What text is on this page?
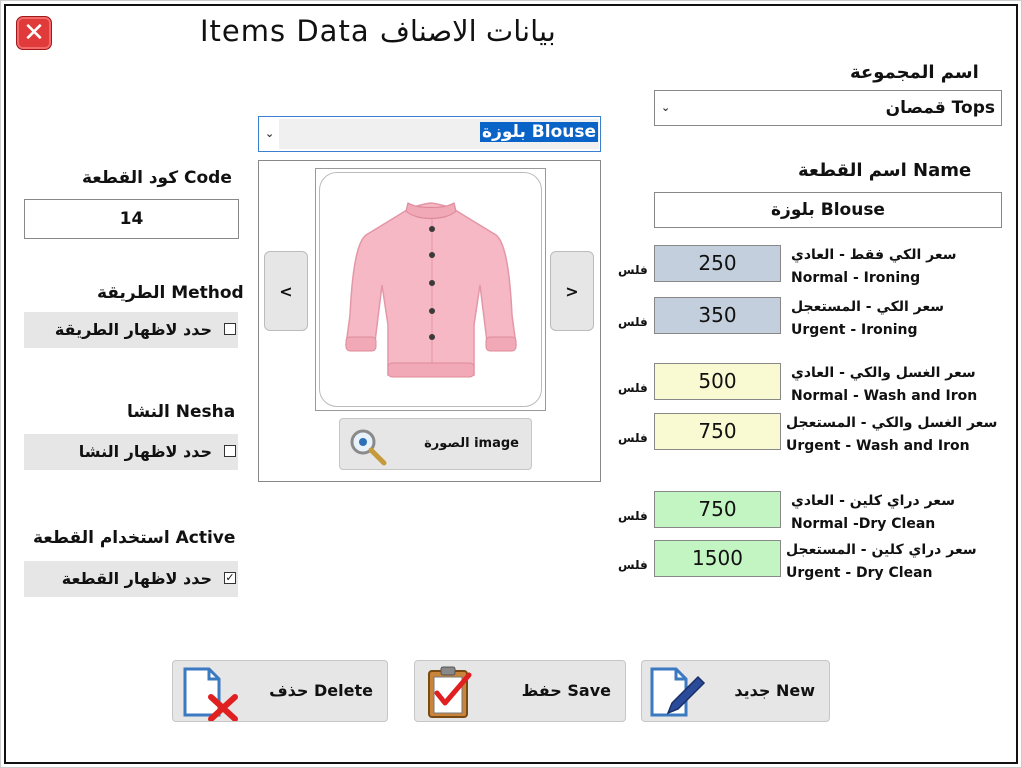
✕	Items Data بيانات الاصناف
اسم المجموعة
⌄	قمصان Tops
⌄	بلوزة Blouse
اسم القطعة Name
بلوزة Blouse
كود القطعة Code
14
الطريقة Method
حدد لاظهار الطريقة
النشا Nesha
حدد لاظهار النشا
استخدام القطعة Active
حدد لاظهار القطعة ✓
<	>
الصورة image
فلس	250	سعر الكي فقط - العادي
Normal - Ironing
فلس	350	سعر الكي - المستعجل
Urgent - Ironing
فلس	500	سعر الغسل والكي - العادي
Normal - Wash and Iron
فلس	750	سعر الغسل والكي - المستعجل
Urgent - Wash and Iron
فلس	750	سعر دراي كلين - العادي
Normal -Dry Clean
فلس	1500	سعر دراي كلين - المستعجل
Urgent - Dry Clean
حذف Delete	حفظ Save	جديد New
